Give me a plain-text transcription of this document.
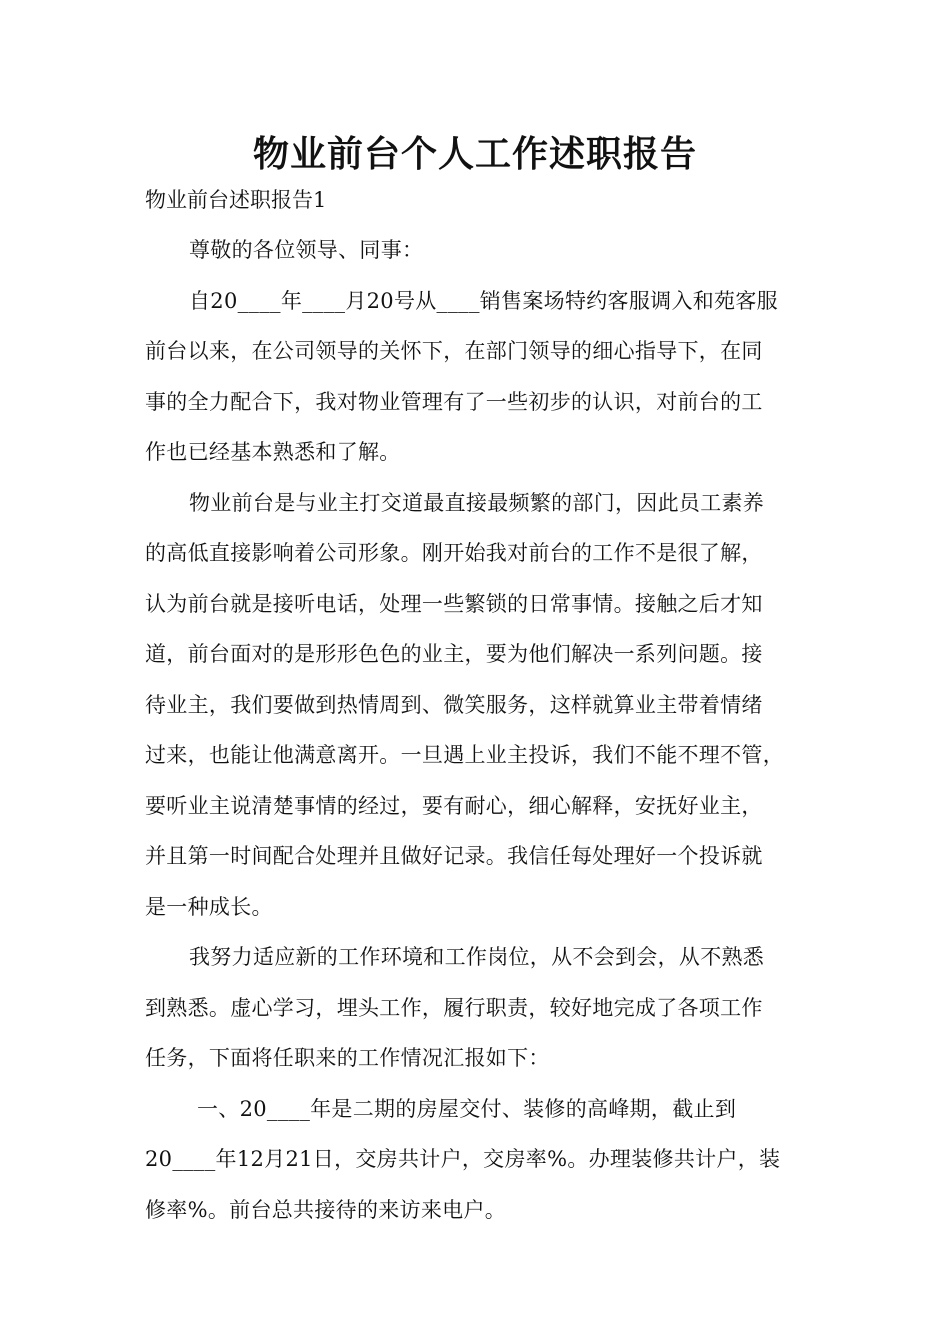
物业前台个人工作述职报告
物业前台述职报告1
尊敬的各位领导、同事：
自20____年____月20号从____销售案场特约客服调入和苑客服
前台以来，在公司领导的关怀下，在部门领导的细心指导下，在同
事的全力配合下，我对物业管理有了一些初步的认识，对前台的工
作也已经基本熟悉和了解。
物业前台是与业主打交道最直接最频繁的部门，因此员工素养
的高低直接影响着公司形象。刚开始我对前台的工作不是很了解，
认为前台就是接听电话，处理一些繁锁的日常事情。接触之后才知
道，前台面对的是形形色色的业主，要为他们解决一系列问题。接
待业主，我们要做到热情周到、微笑服务，这样就算业主带着情绪
过来，也能让他满意离开。一旦遇上业主投诉，我们不能不理不管，
要听业主说清楚事情的经过，要有耐心，细心解释，安抚好业主，
并且第一时间配合处理并且做好记录。我信任每处理好一个投诉就
是一种成长。
我努力适应新的工作环境和工作岗位，从不会到会，从不熟悉
到熟悉。虚心学习，埋头工作，履行职责，较好地完成了各项工作
任务，下面将任职来的工作情况汇报如下：
一、20____年是二期的房屋交付、装修的高峰期，截止到
20____年12月21日，交房共计户，交房率%。办理装修共计户，装
修率%。前台总共接待的来访来电户。
